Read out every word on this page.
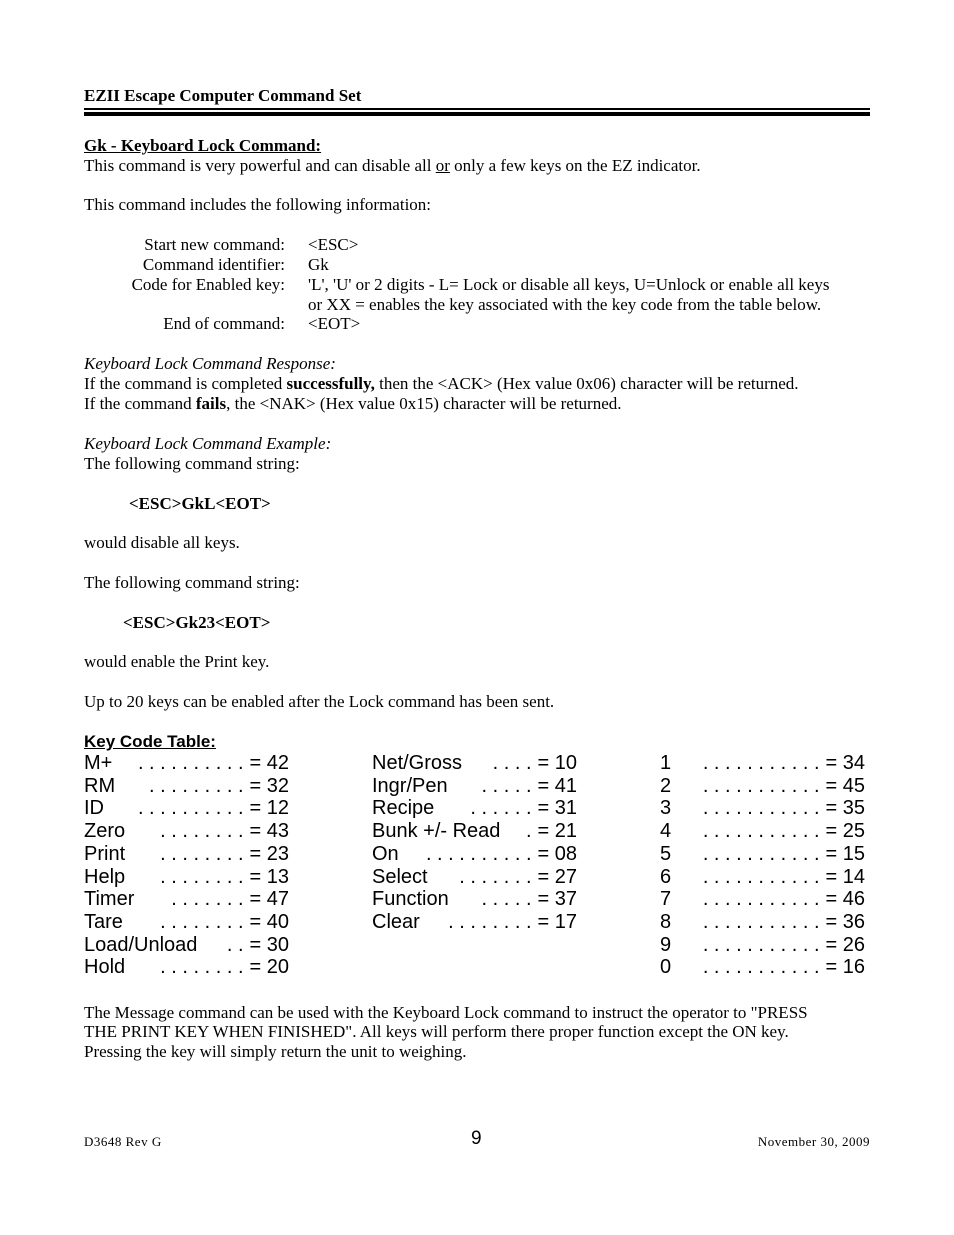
EZII Escape Computer Command Set
Gk - Keyboard Lock Command:
This command is very powerful and can disable all or only a few keys on the EZ indicator.
This command includes the following information:
Start new command: <ESC>
Command identifier: Gk
Code for Enabled key: 'L', 'U' or 2 digits - L= Lock or disable all keys, U=Unlock or enable all keys
or XX = enables the key associated with the key code from the table below.
End of command: <EOT>
Keyboard Lock Command Response:
If the command is completed successfully, then the <ACK> (Hex value 0x06) character will be returned.
If the command fails, the <NAK> (Hex value 0x15) character will be returned.
Keyboard Lock Command Example:
The following command string:
<ESC>GkL<EOT>
would disable all keys.
The following command string:
<ESC>Gk23<EOT>
would enable the Print key.
Up to 20 keys can be enabled after the Lock command has been sent.
Key Code Table:
M+ . . . . . . . . . . = 42
RM . . . . . . . . . = 32
ID . . . . . . . . . . = 12
Zero . . . . . . . . = 43
Print . . . . . . . . = 23
Help . . . . . . . . = 13
Timer . . . . . . . = 47
Tare . . . . . . . . = 40
Load/Unload . . = 30
Hold . . . . . . . . = 20
Net/Gross . . . . = 10
Ingr/Pen . . . . . = 41
Recipe . . . . . . = 31
Bunk +/- Read . = 21
On . . . . . . . . . . = 08
Select . . . . . . . = 27
Function . . . . . = 37
Clear . . . . . . . . = 17
1 . . . . . . . . . . . = 34
2 . . . . . . . . . . . = 45
3 . . . . . . . . . . . = 35
4 . . . . . . . . . . . = 25
5 . . . . . . . . . . . = 15
6 . . . . . . . . . . . = 14
7 . . . . . . . . . . . = 46
8 . . . . . . . . . . . = 36
9 . . . . . . . . . . . = 26
0 . . . . . . . . . . . = 16
The Message command can be used with the Keyboard Lock command to instruct the operator to "PRESS
THE PRINT KEY WHEN FINISHED". All keys will perform there proper function except the ON key.
Pressing the key will simply return the unit to weighing.
D3648 Rev G	9	November 30, 2009
